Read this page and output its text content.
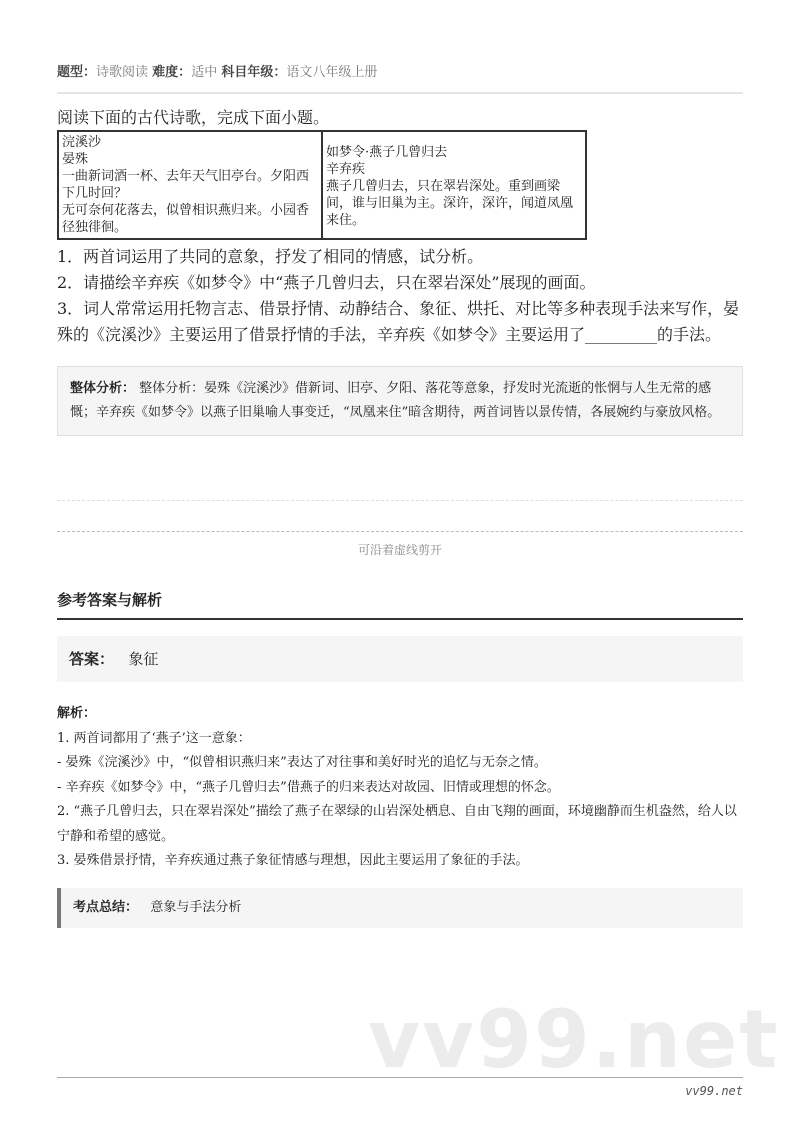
vv99.net
题型：诗歌阅读 难度：适中 科目年级：语文八年级上册
阅读下面的古代诗歌，完成下面小题。
浣溪沙
晏殊
一曲新词酒一杯、去年天气旧亭台。夕阳西下几时回？
无可奈何花落去，似曾相识燕归来。小园香径独徘徊。

如梦令·燕子几曾归去
辛弃疾
燕子几曾归去，只在翠岩深处。重到画梁间，谁与旧巢为主。深许，深许，闻道凤凰来住。
1．两首词运用了共同的意象，抒发了相同的情感，试分析。
2．请描绘辛弃疾《如梦令》中“燕子几曾归去，只在翠岩深处”展现的画面。
3．词人常常运用托物言志、借景抒情、动静结合、象征、烘托、对比等多种表现手法来写作，晏殊的《浣溪沙》主要运用了借景抒情的手法，辛弃疾《如梦令》主要运用了_________的手法。
整体分析： 整体分析：晏殊《浣溪沙》借新词、旧亭、夕阳、落花等意象，抒发时光流逝的怅惘与人生无常的感慨；辛弃疾《如梦令》以燕子旧巢喻人事变迁，“凤凰来住”暗含期待，两首词皆以景传情，各展婉约与豪放风格。
可沿着虚线剪开
参考答案与解析
答案： 象征
解析：
1. 两首词都用了‘燕子’这一意象：
- 晏殊《浣溪沙》中，“似曾相识燕归来”表达了对往事和美好时光的追忆与无奈之情。
- 辛弃疾《如梦令》中，“燕子几曾归去”借燕子的归来表达对故园、旧情或理想的怀念。
2. “燕子几曾归去，只在翠岩深处”描绘了燕子在翠绿的山岩深处栖息、自由飞翔的画面，环境幽静而生机盎然，给人以宁静和希望的感觉。
3. 晏殊借景抒情，辛弃疾通过燕子象征情感与理想，因此主要运用了象征的手法。
考点总结： 意象与手法分析
vv99.net
